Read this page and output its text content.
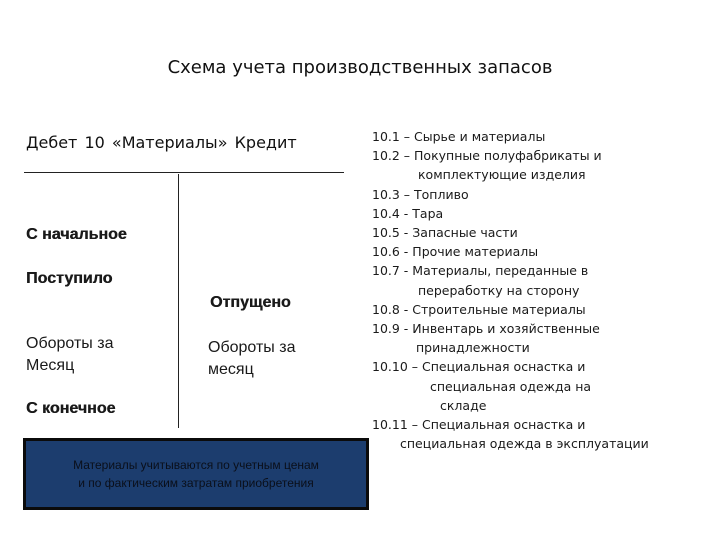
Схема учета производственных запасов
Дебет 10 «Материалы» Кредит
С начальное
Поступило
Отпущено
Обороты за
Месяц
Обороты за
месяц
С конечное
Материалы учитываются по учетным ценам
и по фактическим затратам приобретения
10.1 – Сырье и материалы
10.2 – Покупные полуфабрикаты и
комплектующие изделия
10.3 – Топливо
10.4 - Тара
10.5 - Запасные части
10.6 - Прочие материалы
10.7 - Материалы, переданные в
переработку на сторону
10.8 - Строительные материалы
10.9 - Инвентарь и хозяйственные
принадлежности
10.10 – Специальная оснастка и
специальная одежда на
складе
10.11 – Специальная оснастка и
специальная одежда в эксплуатации
